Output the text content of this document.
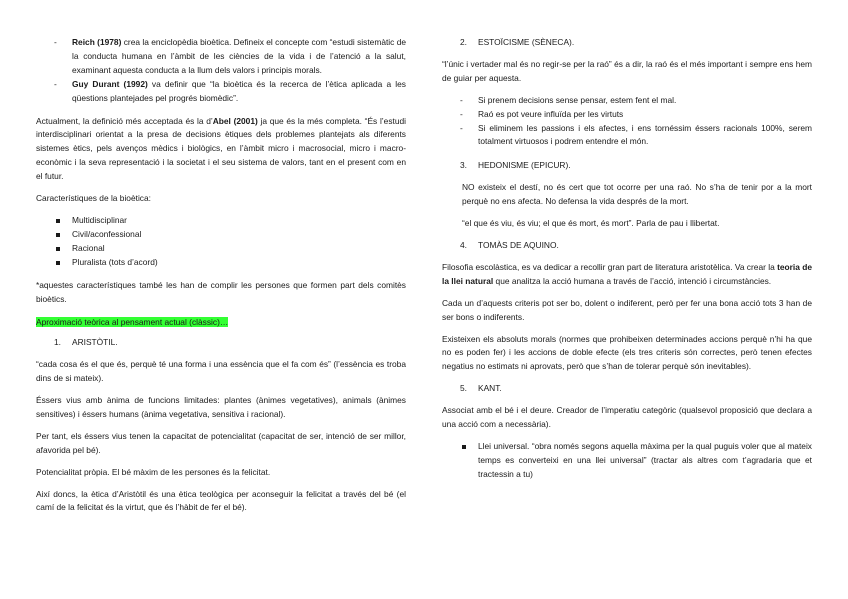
- Reich (1978) crea la enciclopèdia bioètica. Defineix el concepte com “estudi sistemàtic de la conducta humana en l’àmbit de les ciències de la vida i de l’atenció a la salut, examinant aquesta conducta a la llum dels valors i principis morals.
- Guy Durant (1992) va definir que “la bioètica és la recerca de l’ètica aplicada a les qüestions plantejades pel progrés biomèdic”.

Actualment, la definició més acceptada és la d’Abel (2001) ja que és la més completa. “És l’estudi interdisciplinari orientat a la presa de decisions ètiques dels problemes plantejats als diferents sistemes ètics, pels avenços mèdics i biològics, en l’àmbit micro i macrosocial, micro i macro-econòmic i la seva representació i la societat i el seu sistema de valors, tant en el present com en el futur.

Característiques de la bioètica:

Multidisciplinar
Civil/aconfessional
Racional
Pluralista (tots d’acord)

*aquestes característiques també les han de complir les persones que formen part dels comitès bioètics.

Aproximació teòrica al pensament actual (clàssic)…

1. ARISTÒTIL.

“cada cosa és el que és, perquè té una forma i una essència que el fa com és” (l’essència es troba dins de si mateix).

Éssers vius amb ànima de funcions limitades: plantes (ànimes vegetatives), animals (ànimes sensitives) i éssers humans (ànima vegetativa, sensitiva i racional).

Per tant, els éssers vius tenen la capacitat de potencialitat (capacitat de ser, intenció de ser millor, afavorida pel bé).

Potencialitat pròpia. El bé màxim de les persones és la felicitat.

Així doncs, la ètica d’Aristòtil és una ètica teològica per aconseguir la felicitat a través del bé (el camí de la felicitat és la virtut, que és l’hàbit de fer el bé).

2. ESTOÏCISME (SÈNECA).

“l’únic i vertader mal és no regir-se per la raó” és a dir, la raó és el més important i sempre ens hem de guiar per aquesta.

- Si prenem decisions sense pensar, estem fent el mal.
- Raó es pot veure influïda per les virtuts
- Si eliminem les passions i els afectes, i ens tornéssim éssers racionals 100%, serem totalment virtuosos i podrem entendre el món.
3. HEDONISME (EPICUR).

NO existeix el destí, no és cert que tot ocorre per una raó. No s’ha de tenir por a la mort perquè no ens afecta. No defensa la vida després de la mort.

“el que és viu, és viu; el que és mort, és mort”. Parla de pau i llibertat.

4. TOMÀS DE AQUINO.

Filosofia escolàstica, es va dedicar a recollir gran part de literatura aristotèlica. Va crear la teoria de la llei natural que analitza la acció humana a través de l’acció, intenció i circumstàncies.

Cada un d’aquests criteris pot ser bo, dolent o indiferent, però per fer una bona acció tots 3 han de ser bons o indiferents.

Existeixen els absoluts morals (normes que prohibeixen determinades accions perquè n’hi ha que no es poden fer) i les accions de doble efecte (els tres criteris són correctes, però tenen efectes negatius no estimats ni aprovats, però que s’han de tolerar perquè són inevitables).

5. KANT.

Associat amb el bé i el deure. Creador de l’imperatiu categòric (qualsevol proposició que declara a una acció com a necessària).

Llei universal. “obra només segons aquella màxima per la qual puguis voler que al mateix temps es converteixi en una llei universal” (tractar als altres com t’agradaria que et tractessin a tu)
